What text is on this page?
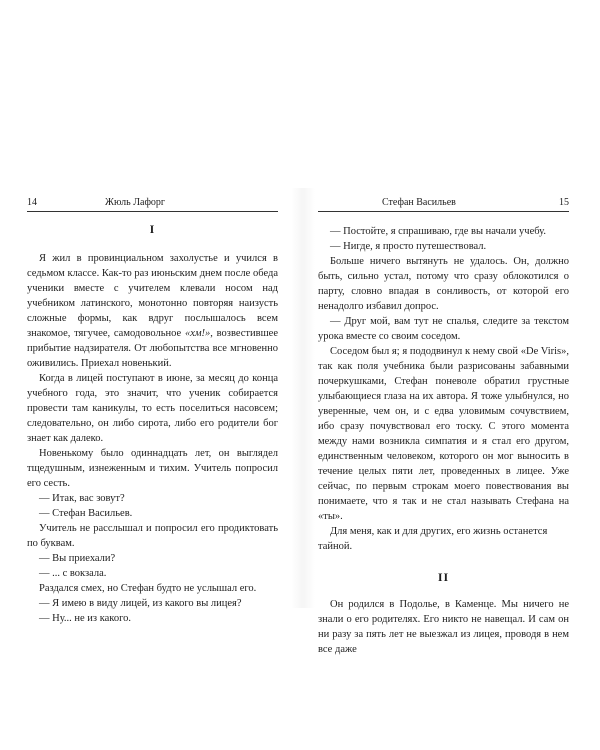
14	Жюль Лафорг
I

Я жил в провинциальном захолустье и учился в седьмом классе. Как-то раз июньским днем после обеда ученики вместе с учителем клевали носом над учебником латинского, монотонно повторяя наизусть сложные формы, как вдруг послышалось всем знакомое, тягучее, самодовольное «хм!», возвестившее прибытие надзирателя. От любопытства все мгновенно оживились. Приехал новенький.

Когда в лицей поступают в июне, за месяц до конца учебного года, это значит, что ученик собирается провести там каникулы, то есть поселиться насовсем; следовательно, он либо сирота, либо его родители бог знает как далеко.

Новенькому было одиннадцать лет, он выглядел тщедушным, изнеженным и тихим. Учитель попросил его сесть.

— Итак, вас зовут?

— Стефан Васильев.

Учитель не расслышал и попросил его продиктовать по буквам.

— Вы приехали?

— ... с вокзала.

Раздался смех, но Стефан будто не услышал его.

— Я имею в виду лицей, из какого вы лицея?

— Ну... не из какого.

Стефан Васильев	15

— Постойте, я спрашиваю, где вы начали учебу.

— Нигде, я просто путешествовал.

Больше ничего вытянуть не удалось. Он, должно быть, сильно устал, потому что сразу облокотился о парту, словно впадая в сонливость, от которой его ненадолго избавил допрос.

— Друг мой, вам тут не спалья, следите за текстом урока вместе со своим соседом.

Соседом был я; я пододвинул к нему свой «De Viris», так как поля учебника были разрисованы забавными почеркушками, Стефан поневоле обратил грустные улыбающиеся глаза на их автора. Я тоже улыбнулся, но уверенные, чем он, и с едва уловимым сочувствием, ибо сразу почувствовал его тоску. С этого момента между нами возникла симпатия и я стал его другом, единственным человеком, которого он мог выносить в течение целых пяти лет, проведенных в лицее. Уже сейчас, по первым строкам моего повествования вы понимаете, что я так и не стал называть Стефана на «ты».

Для меня, как и для других, его жизнь останется тайной.

II

Он родился в Подолье, в Каменце. Мы ничего не знали о его родителях. Его никто не навещал. И сам он ни разу за пять лет не выезжал из лицея, проводя в нем все даже
